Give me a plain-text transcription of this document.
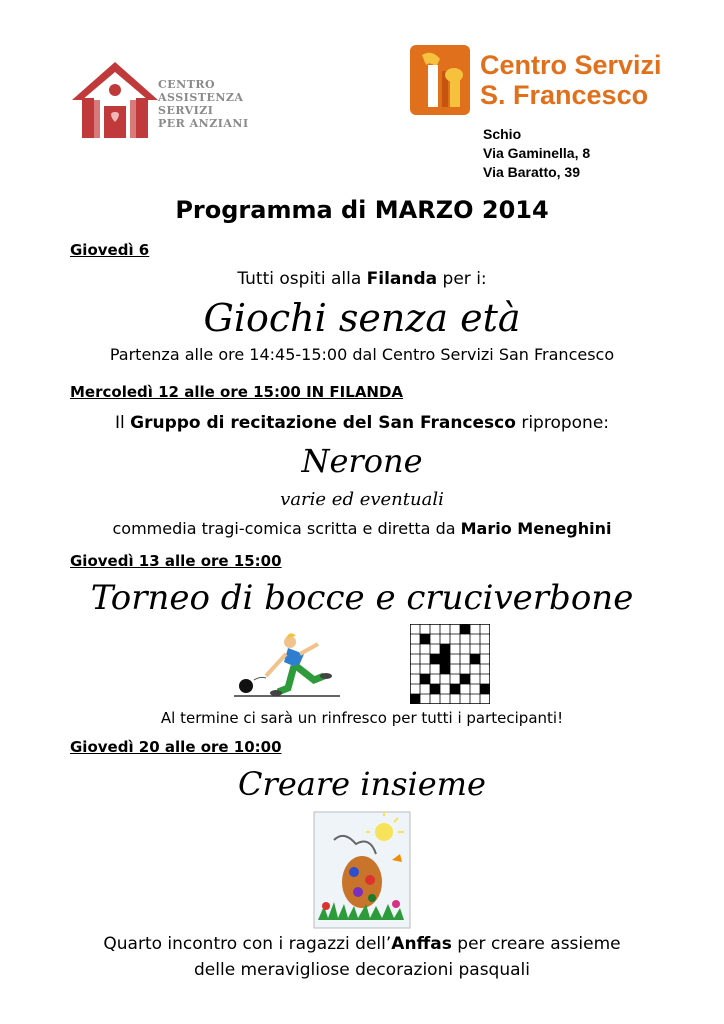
CENTRO
ASSISTENZA
SERVIZI
PER ANZIANI
Centro Servizi
S. Francesco
Schio
Via Gaminella, 8
Via Baratto, 39
Programma di MARZO 2014
Giovedì 6
Tutti ospiti alla Filanda per i:
Giochi senza età
Partenza alle ore 14:45-15:00 dal Centro Servizi San Francesco
Mercoledì 12 alle ore 15:00 IN FILANDA
Il Gruppo di recitazione del San Francesco ripropone:
Nerone
varie ed eventuali
commedia tragi-comica scritta e diretta da Mario Meneghini
Giovedì 13 alle ore 15:00
Torneo di bocce e cruciverbone
Al termine ci sarà un rinfresco per tutti i partecipanti!
Giovedì 20 alle ore 10:00
Creare insieme
Quarto incontro con i ragazzi dell’Anffas per creare assieme
delle meravigliose decorazioni pasquali
